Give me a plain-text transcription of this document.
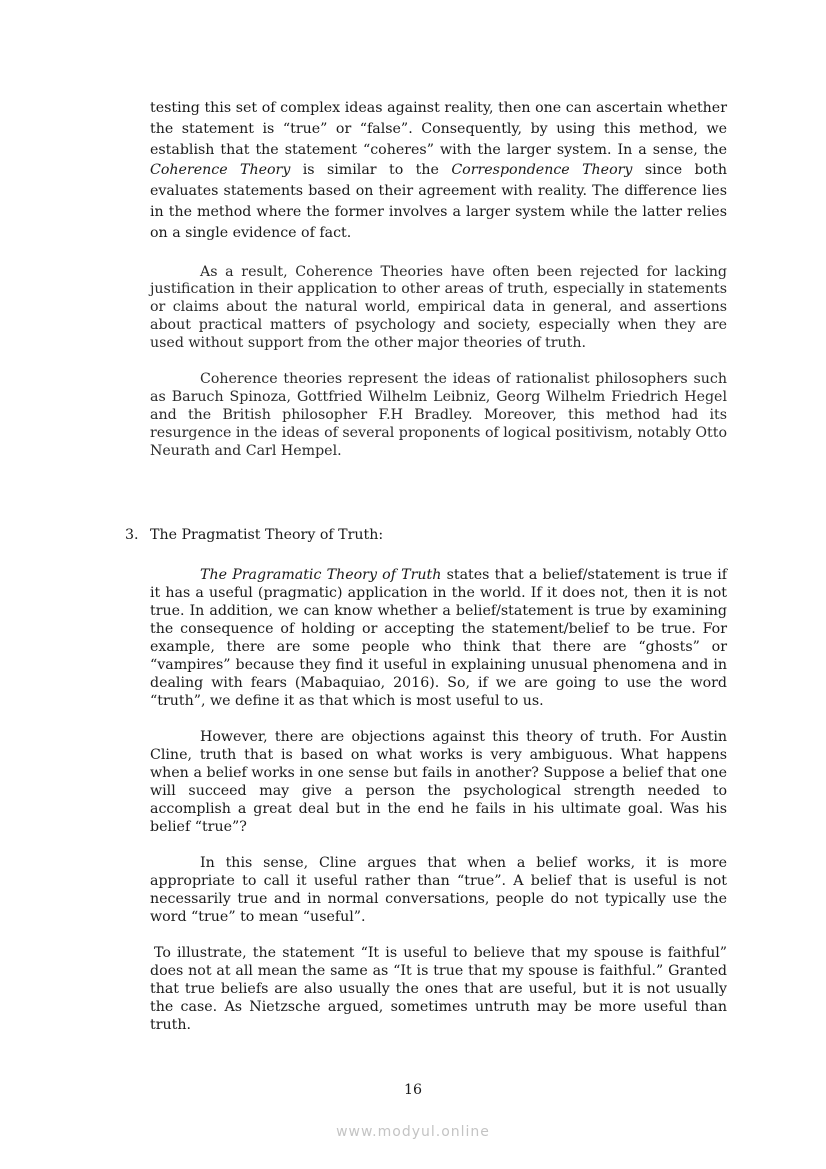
testing this set of complex ideas against reality, then one can ascertain whether the statement is “true” or “false”. Consequently, by using this method, we establish that the statement “coheres” with the larger system. In a sense, the Coherence Theory is similar to the Correspondence Theory since both evaluates statements based on their agreement with reality. The difference lies in the method where the former involves a larger system while the latter relies on a single evidence of fact.

As a result, Coherence Theories have often been rejected for lacking justification in their application to other areas of truth, especially in statements or claims about the natural world, empirical data in general, and assertions about practical matters of psychology and society, especially when they are used without support from the other major theories of truth.

Coherence theories represent the ideas of rationalist philosophers such as Baruch Spinoza, Gottfried Wilhelm Leibniz, Georg Wilhelm Friedrich Hegel and the British philosopher F.H Bradley. Moreover, this method had its resurgence in the ideas of several proponents of logical positivism, notably Otto Neurath and Carl Hempel.

3. The Pragmatist Theory of Truth:

The Pragramatic Theory of Truth states that a belief/statement is true if it has a useful (pragmatic) application in the world. If it does not, then it is not true. In addition, we can know whether a belief/statement is true by examining the consequence of holding or accepting the statement/belief to be true. For example, there are some people who think that there are “ghosts” or “vampires” because they find it useful in explaining unusual phenomena and in dealing with fears (Mabaquiao, 2016). So, if we are going to use the word “truth”, we define it as that which is most useful to us.

However, there are objections against this theory of truth. For Austin Cline, truth that is based on what works is very ambiguous. What happens when a belief works in one sense but fails in another? Suppose a belief that one will succeed may give a person the psychological strength needed to accomplish a great deal but in the end he fails in his ultimate goal. Was his belief “true”?

In this sense, Cline argues that when a belief works, it is more appropriate to call it useful rather than “true”. A belief that is useful is not necessarily true and in normal conversations, people do not typically use the word “true” to mean “useful”.

To illustrate, the statement “It is useful to believe that my spouse is faithful” does not at all mean the same as “It is true that my spouse is faithful.” Granted that true beliefs are also usually the ones that are useful, but it is not usually the case. As Nietzsche argued, sometimes untruth may be more useful than truth.

16

www.modyul.online
